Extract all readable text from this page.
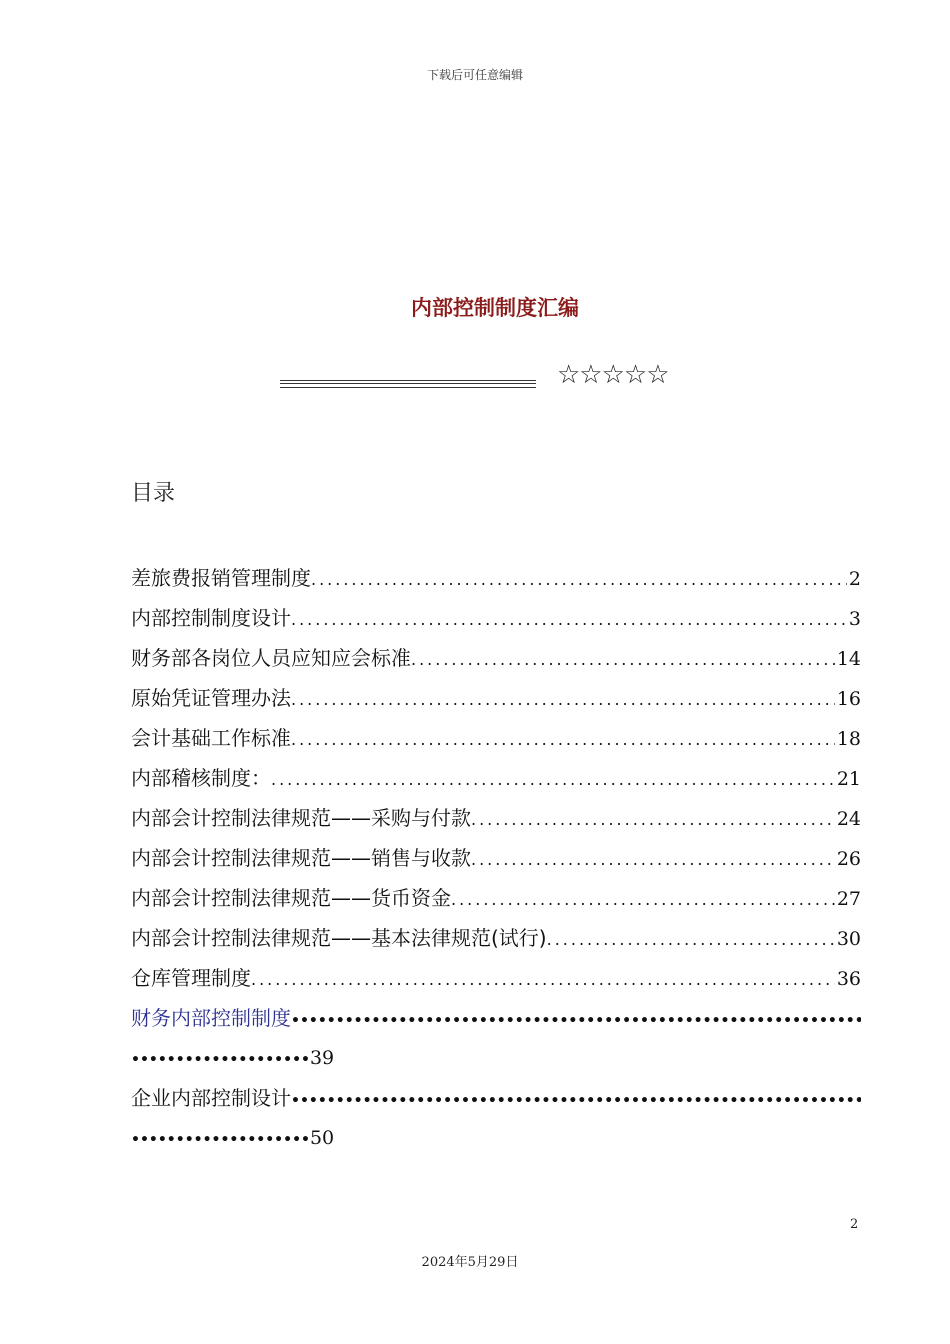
下载后可任意编辑
内部控制制度汇编
☆☆☆☆☆
目录
差旅费报销管理制度 .....	2
内部控制制度设计 .....	3
财务部各岗位人员应知应会标准 .....	14
原始凭证管理办法 .....	16
会计基础工作标准 .....	18
内部稽核制度： .....	21
内部会计控制法律规范——采购与付款 .....	24
内部会计控制法律规范——销售与收款 .....	26
内部会计控制法律规范——货币资金 .....	27
内部会计控制法律规范——基本法律规范(试行) .....	30
仓库管理制度 .....	36
财务内部控制制度
•••••
••••••••••••••••••••39
企业内部控制设计
•••••
••••••••••••••••••••50
2
2024年5月29日
